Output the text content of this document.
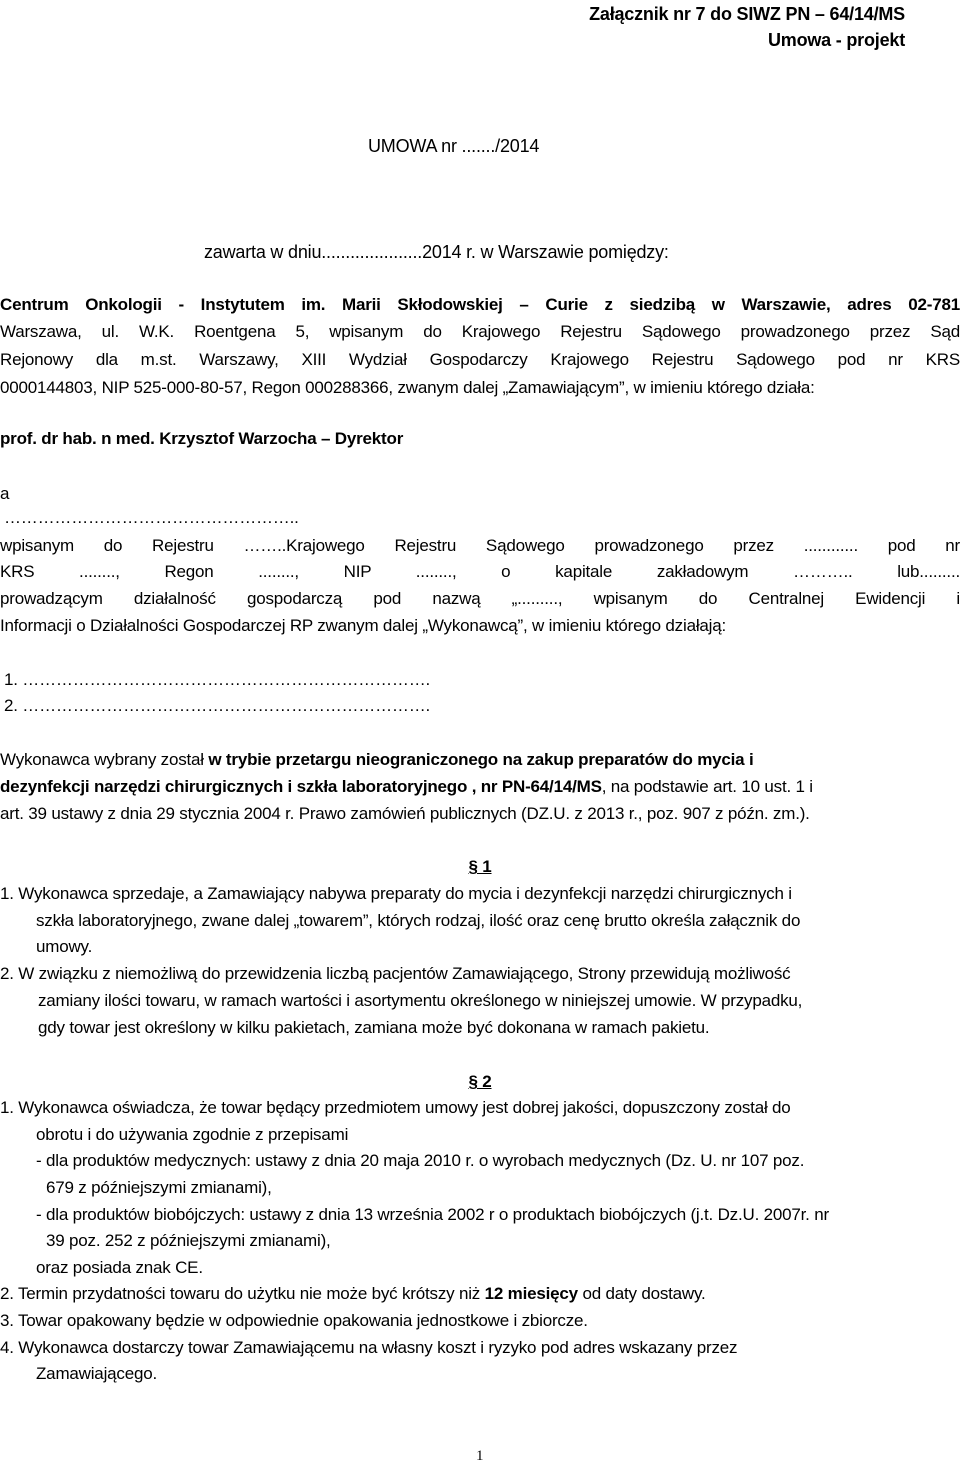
Załącznik nr 7 do SIWZ PN – 64/14/MS
Umowa - projekt
UMOWA nr ......./2014
zawarta w dniu.....................2014 r. w Warszawie pomiędzy:
Centrum Onkologii - Instytutem im. Marii Skłodowskiej – Curie z siedzibą w Warszawie, adres 02-781
Warszawa, ul. W.K. Roentgena 5, wpisanym do Krajowego Rejestru Sądowego prowadzonego przez Sąd
Rejonowy dla m.st. Warszawy, XIII Wydział Gospodarczy Krajowego Rejestru Sądowego pod nr KRS
0000144803, NIP 525-000-80-57, Regon 000288366, zwanym dalej „Zamawiającym”, w imieniu którego działa:
prof. dr hab. n med. Krzysztof Warzocha – Dyrektor
a
……………………………………………..
wpisanym do Rejestru ……..Krajowego Rejestru Sądowego prowadzonego przez ............ pod nr
KRS ........, Regon ........, NIP ........, o kapitale zakładowym ……….. lub.........
prowadzącym działalność gospodarczą pod nazwą „........., wpisanym do Centralnej Ewidencji i
Informacji o Działalności Gospodarczej RP zwanym dalej „Wykonawcą”, w imieniu którego działają:
1. ……………………………………………………………….
2. ……………………………………………………………….
Wykonawca wybrany został w trybie przetargu nieograniczonego na zakup preparatów do mycia i
dezynfekcji narzędzi chirurgicznych i szkła laboratoryjnego , nr PN-64/14/MS, na podstawie art. 10 ust. 1 i
art. 39 ustawy z dnia 29 stycznia 2004 r. Prawo zamówień publicznych (DZ.U. z 2013 r., poz. 907 z późn. zm.).
§ 1
1. Wykonawca sprzedaje, a Zamawiający nabywa preparaty do mycia i dezynfekcji narzędzi chirurgicznych i
szkła laboratoryjnego, zwane dalej „towarem”, których rodzaj, ilość oraz cenę brutto określa załącznik do
umowy.
2. W związku z niemożliwą do przewidzenia liczbą pacjentów Zamawiającego, Strony przewidują możliwość
zamiany ilości towaru, w ramach wartości i asortymentu określonego w niniejszej umowie. W przypadku,
gdy towar jest określony w kilku pakietach, zamiana może być dokonana w ramach pakietu.
§ 2
1. Wykonawca oświadcza, że towar będący przedmiotem umowy jest dobrej jakości, dopuszczony został do
obrotu i do używania zgodnie z przepisami
- dla produktów medycznych: ustawy z dnia 20 maja 2010 r. o wyrobach medycznych (Dz. U. nr 107 poz.
679 z późniejszymi zmianami),
- dla produktów biobójczych: ustawy z dnia 13 września 2002 r o produktach biobójczych (j.t. Dz.U. 2007r. nr
39 poz. 252 z późniejszymi zmianami),
oraz posiada znak CE.
2. Termin przydatności towaru do użytku nie może być krótszy niż 12 miesięcy od daty dostawy.
3. Towar opakowany będzie w odpowiednie opakowania jednostkowe i zbiorcze.
4. Wykonawca dostarczy towar Zamawiającemu na własny koszt i ryzyko pod adres wskazany przez
Zamawiającego.
1
